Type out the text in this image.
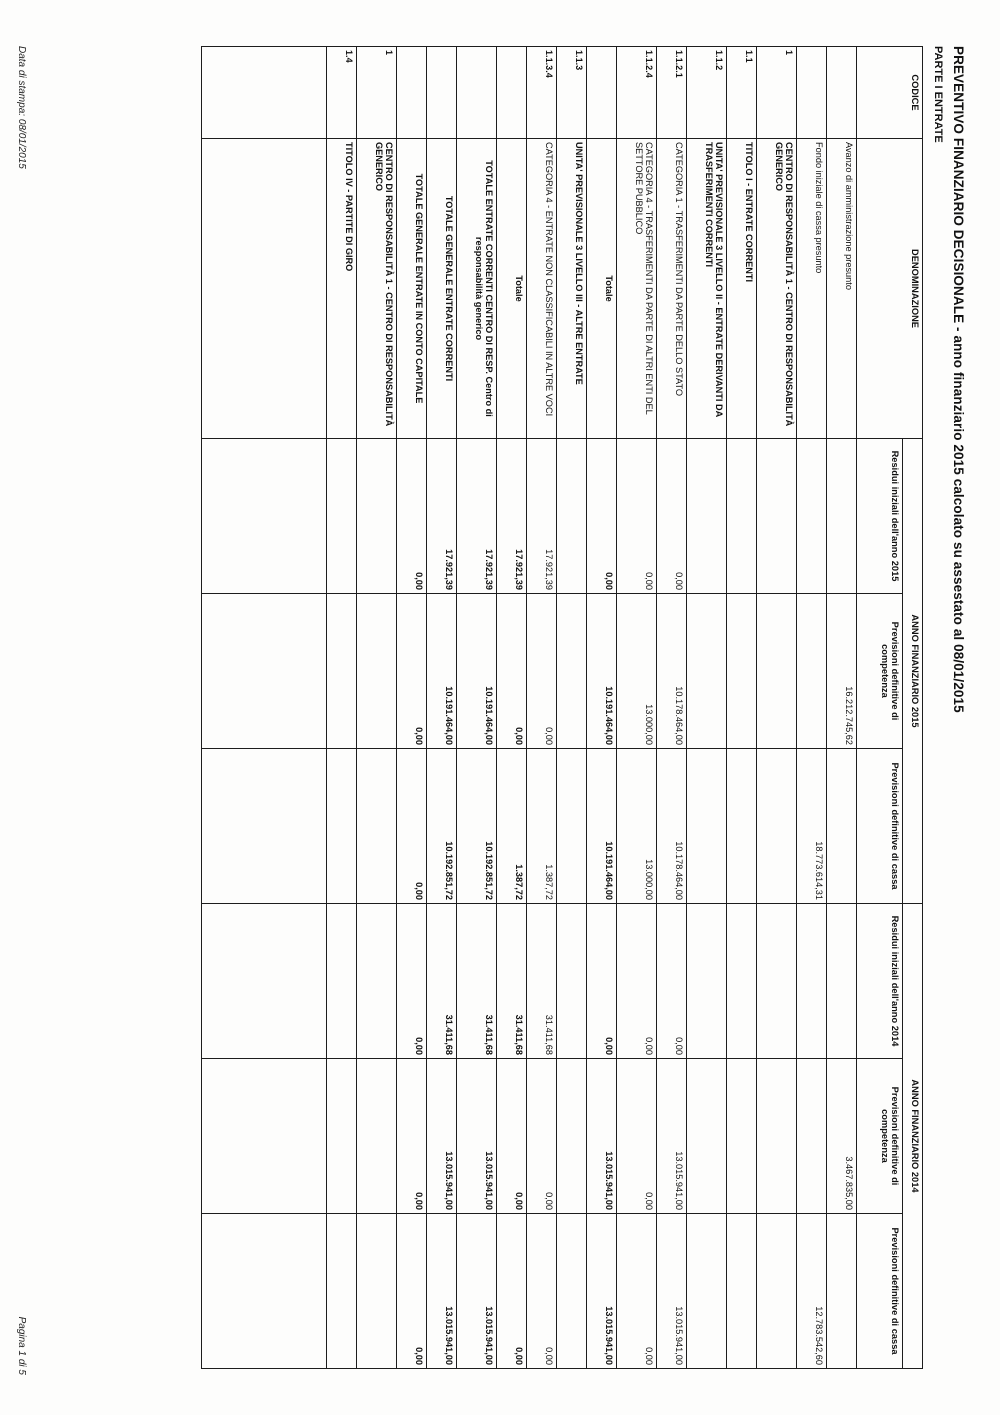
PREVENTIVO FINANZIARIO DECISIONALE - anno finanziario 2015 calcolato su assestato al 08/01/2015
PARTE I ENTRATE
CODICE	DENOMINAZIONE	ANNO FINANZIARIO 2015			ANNO FINANZIARIO 2014		
		Residui iniziali dell'anno 2015	Previsioni definitive di competenza	Previsioni definitive di cassa	Residui iniziali dell'anno 2014	Previsioni definitive di competenza	Previsioni definitive di cassa
	Avanzo di amministrazione presunto		16.212.745,62			3.467.835,00	
	Fondo iniziale di cassa presunto			18.773.614,31			12.783.542,60
1	CENTRO DI RESPONSABILITÀ 1 - CENTRO DI RESPONSABILITÀ GENERICO						
1.1	TITOLO I - ENTRATE CORRENTI						
1.1.2	UNITA' PREVISIONALE 3 LIVELLO II - ENTRATE DERIVANTI DA TRASFERIMENTI CORRENTI						
1.1.2.1	CATEGORIA 1 - TRASFERIMENTI DA PARTE DELLO STATO	0,00	10.178.464,00	10.178.464,00	0,00	13.015.941,00	13.015.941,00
1.1.2.4	CATEGORIA 4 - TRASFERIMENTI DA PARTE DI ALTRI ENTI DEL SETTORE PUBBLICO	0,00	13.000,00	13.000,00	0,00	0,00	0,00
	Totale	0,00	10.191.464,00	10.191.464,00	0,00	13.015.941,00	13.015.941,00
1.1.3	UNITA' PREVISIONALE 3 LIVELLO III - ALTRE ENTRATE						
1.1.3.4	CATEGORIA 4 - ENTRATE NON CLASSIFICABILI IN ALTRE VOCI	17.921,39	0,00	1.387,72	31.411,68	0,00	0,00
	Totale	17.921,39	0,00	1.387,72	31.411,68	0,00	0,00
	TOTALE ENTRATE CORRENTI CENTRO DI RESP. Centro di responsabilità generico	17.921,39	10.191.464,00	10.192.851,72	31.411,68	13.015.941,00	13.015.941,00
	TOTALE GENERALE ENTRATE CORRENTI	17.921,39	10.191.464,00	10.192.851,72	31.411,68	13.015.941,00	13.015.941,00
	TOTALE GENERALE ENTRATE IN CONTO CAPITALE	0,00	0,00	0,00	0,00	0,00	0,00
1	CENTRO DI RESPONSABILITÀ 1 - CENTRO DI RESPONSABILITÀ GENERICO						
1.4	TITOLO IV - PARTITE DI GIRO						

Data di stampa: 08/01/2015
Pagina 1 di 5
